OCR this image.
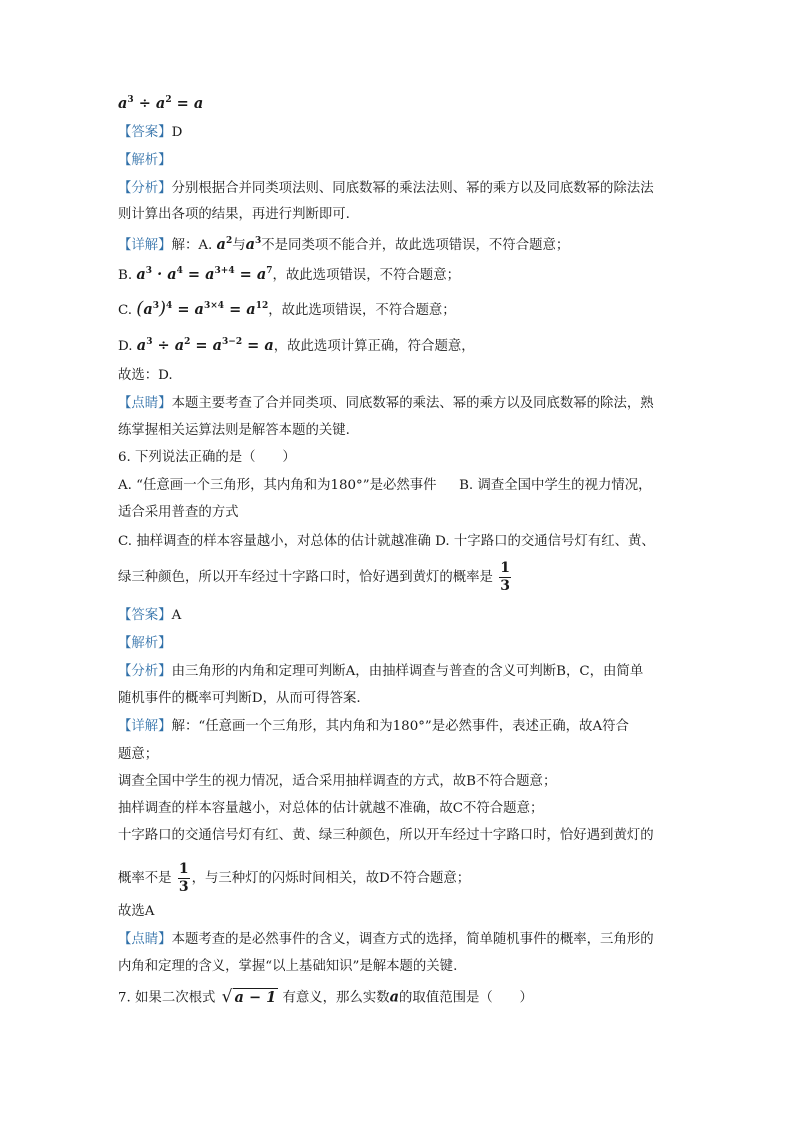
$a^3 \div a^2 = a$
【答案】D
【解析】
【分析】分别根据合并同类项法则、同底数幂的乘法法则、幂的乘方以及同底数幂的除法法
则计算出各项的结果，再进行判断即可.
【详解】解：A. $a^2$与$a^3$不是同类项不能合并，故此选项错误，不符合题意；
B. $a^3 \cdot a^4 = a^{3+4} = a^7$，故此选项错误，不符合题意；
C. $(a^3)^4 = a^{3\times 4} = a^{12}$，故此选项错误，不符合题意；
D. $a^3 \div a^2 = a^{3-2} = a$，故此选项计算正确，符合题意，
故选：D.
【点睛】本题主要考查了合并同类项、同底数幂的乘法、幂的乘方以及同底数幂的除法，熟
练掌握相关运算法则是解答本题的关键.
6. 下列说法正确的是（　　）
A. “任意画一个三角形，其内角和为180°”是必然事件 B. 调查全国中学生的视力情况，
适合采用普查的方式
C. 抽样调查的样本容量越小，对总体的估计就越准确 D. 十字路口的交通信号灯有红、黄、
绿三种颜色，所以开车经过十字路口时，恰好遇到黄灯的概率是 $\frac{1}{3}$
【答案】A
【解析】
【分析】由三角形的内角和定理可判断A，由抽样调查与普查的含义可判断B，C，由简单
随机事件的概率可判断D，从而可得答案.
【详解】解：“任意画一个三角形，其内角和为180°”是必然事件，表述正确，故A符合
题意；
调查全国中学生的视力情况，适合采用抽样调查的方式，故B不符合题意；
抽样调查的样本容量越小，对总体的估计就越不准确，故C不符合题意；
十字路口的交通信号灯有红、黄、绿三种颜色，所以开车经过十字路口时，恰好遇到黄灯的
概率不是 $\frac{1}{3}$ ，与三种灯的闪烁时间相关，故D不符合题意；
故选A
【点睛】本题考查的是必然事件的含义，调查方式的选择，简单随机事件的概率，三角形的
内角和定理的含义，掌握“以上基础知识”是解本题的关键.
7. 如果二次根式 √ a − 1 有意义，那么实数a的取值范围是（　　）
